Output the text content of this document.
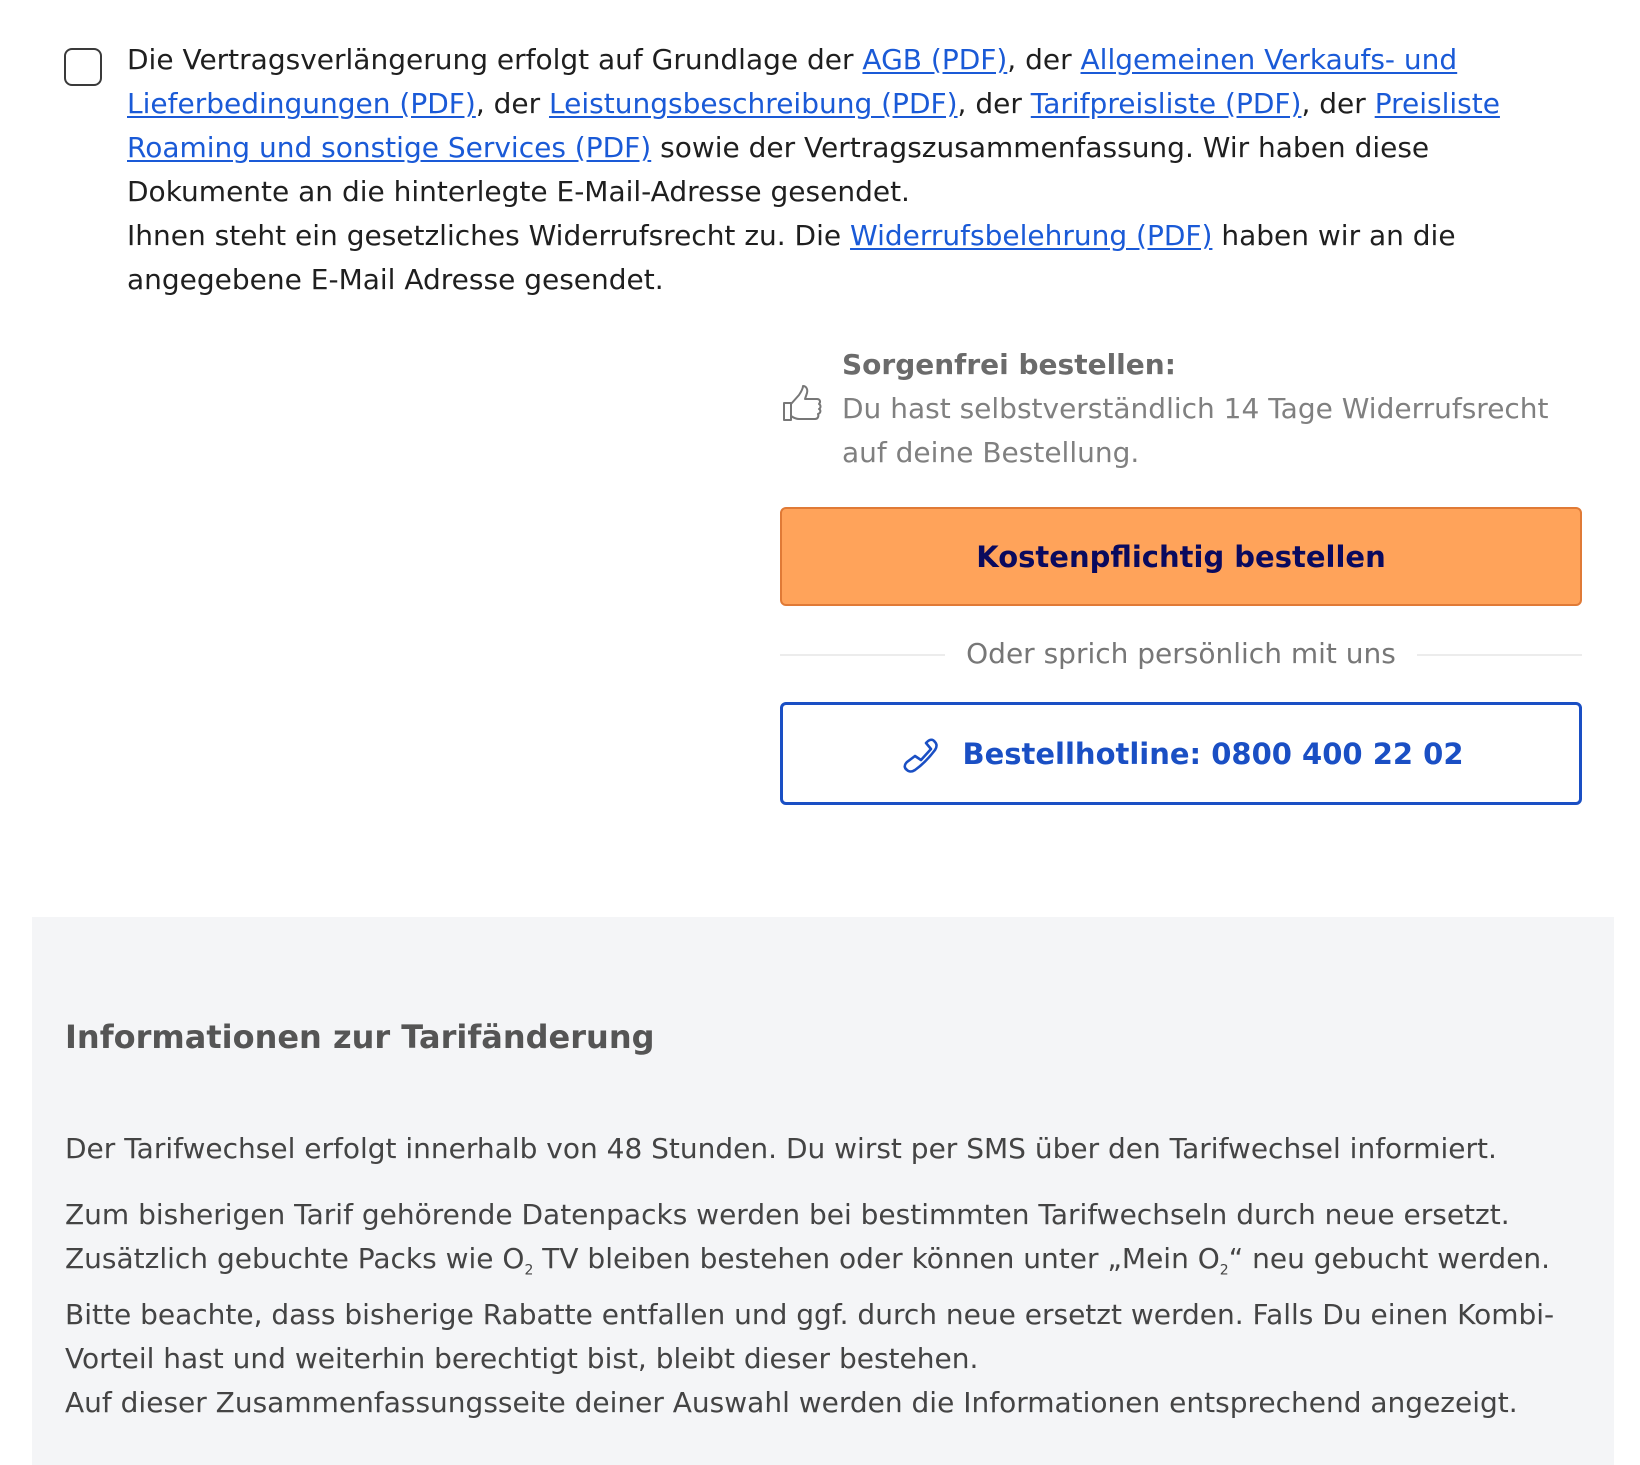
Die Vertragsverlängerung erfolgt auf Grundlage der AGB (PDF), der Allgemeinen Verkaufs- und Lieferbedingungen (PDF), der Leistungsbeschreibung (PDF), der Tarifpreisliste (PDF), der Preisliste Roaming und sonstige Services (PDF) sowie der Vertragszusammenfassung. Wir haben diese Dokumente an die hinterlegte E-Mail-Adresse gesendet.
Ihnen steht ein gesetzliches Widerrufsrecht zu. Die Widerrufsbelehrung (PDF) haben wir an die angegebene E-Mail Adresse gesendet.

Sorgenfrei bestellen:

Du hast selbstverständlich 14 Tage Widerrufsrecht auf deine Bestellung.

Kostenpflichtig bestellen
Oder sprich persönlich mit uns
Bestellhotline: 0800 400 22 02
Informationen zur Tarifänderung

Der Tarifwechsel erfolgt innerhalb von 48 Stunden. Du wirst per SMS über den Tarifwechsel informiert.

Zum bisherigen Tarif gehörende Datenpacks werden bei bestimmten Tarifwechseln durch neue ersetzt. Zusätzlich gebuchte Packs wie $O_2$ TV bleiben bestehen oder können unter „Mein $O_2“$ neu gebucht werden. Bitte beachte, dass bisherige Rabatte entfallen und ggf. durch neue ersetzt werden. Falls Du einen Kombi-Vorteil hast und weiterhin berechtigt bist, bleibt dieser bestehen.
Auf dieser Zusammenfassungsseite deiner Auswahl werden die Informationen entsprechend angezeigt.
